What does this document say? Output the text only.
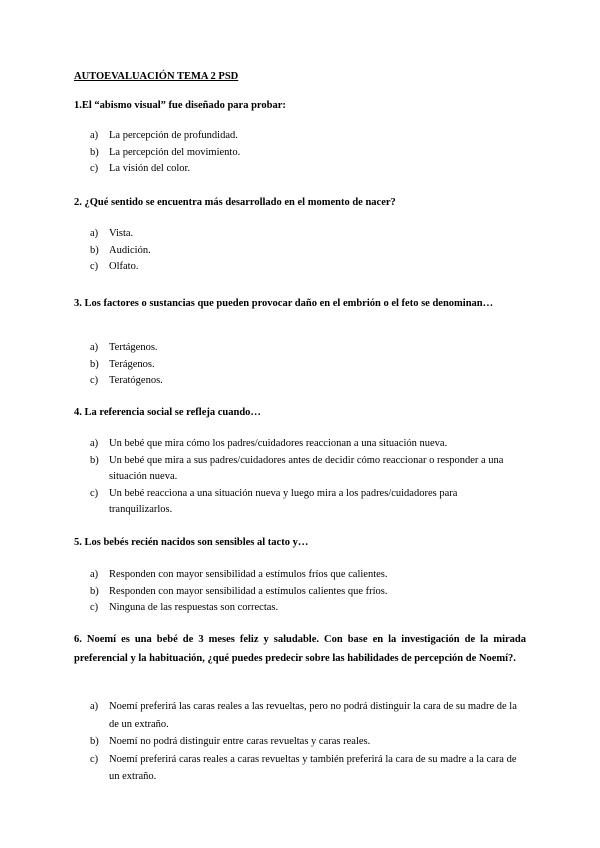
AUTOEVALUACIÓN TEMA 2 PSD
1.El “abismo visual” fue diseñado para probar:
a) La percepción de profundidad.
b) La percepción del movimiento.
c) La visión del color.
2. ¿Qué sentido se encuentra más desarrollado en el momento de nacer?
a) Vista.
b) Audición.
c) Olfato.
3. Los factores o sustancias que pueden provocar daño en el embrión o el feto se denominan…
a) Tertágenos.
b) Terágenos.
c) Teratógenos.
4. La referencia social se refleja cuando…
a) Un bebé que mira cómo los padres/cuidadores reaccionan a una situación nueva.
b) Un bebé que mira a sus padres/cuidadores antes de decidir cómo reaccionar o responder a una situación nueva.
c) Un bebé reacciona a una situación nueva y luego mira a los padres/cuidadores para tranquilizarlos.
5. Los bebés recién nacidos son sensibles al tacto y…
a) Responden con mayor sensibilidad a estímulos fríos que calientes.
b) Responden con mayor sensibilidad a estímulos calientes que fríos.
c) Ninguna de las respuestas son correctas.
6. Noemí es una bebé de 3 meses feliz y saludable. Con base en la investigación de la mirada preferencial y la habituación, ¿qué puedes predecir sobre las habilidades de percepción de Noemí?.
a) Noemí preferirá las caras reales a las revueltas, pero no podrá distinguir la cara de su madre de la de un extraño.
b) Noemí no podrá distinguir entre caras revueltas y caras reales.
c) Noemí preferirá caras reales a caras revueltas y también preferirá la cara de su madre a la cara de un extraño.
